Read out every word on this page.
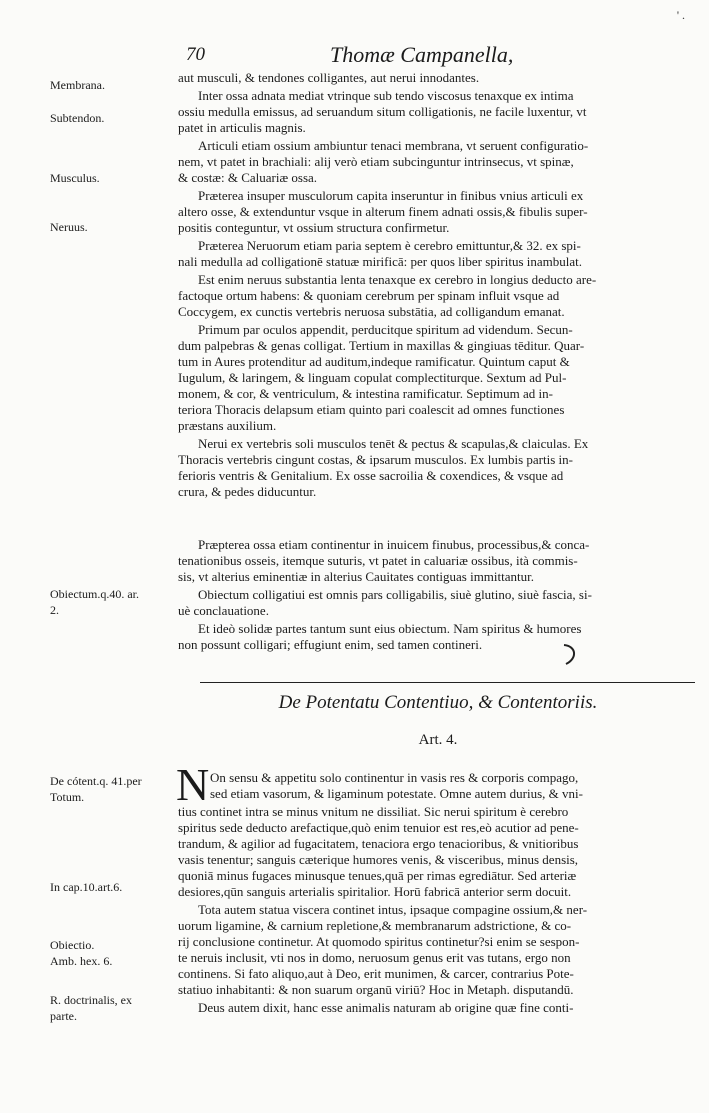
' .
70	Thomæ Campanella,
Membrana.
Subtendon.
Musculus.
Neruus.
Obiectum.q.40. ar.
2.
De cótent.q. 41.per
Totum.
In cap.10.art.6.
Obiectio.
Amb. hex. 6.
R. doctrinalis, ex
parte.
aut musculi, & tendones colligantes, aut nerui innodantes.
Inter ossa adnata mediat vtrinque sub tendo viscosus tenaxque ex intima
ossiu medulla emissus, ad seruandum situm colligationis, ne facile luxentur, vt
patet in articulis magnis.
Articuli etiam ossium ambiuntur tenaci membrana, vt seruent configuratio-
nem, vt patet in brachiali: alij verò etiam subcinguntur intrinsecus, vt spinæ,
& costæ: & Caluariæ ossa.
Præterea insuper musculorum capita inseruntur in finibus vnius articuli ex
altero osse, & extenduntur vsque in alterum finem adnati ossis,& fibulis super-
positis conteguntur, vt ossium structura confirmetur.
Præterea Neruorum etiam paria septem è cerebro emittuntur,& 32. ex spi-
nali medulla ad colligationē statuæ mirificā: per quos liber spiritus inambulat.
Est enim neruus substantia lenta tenaxque ex cerebro in longius deducto are-
factoque ortum habens: & quoniam cerebrum per spinam influit vsque ad
Coccygem, ex cunctis vertebris neruosa substātia, ad colligandum emanat.
Primum par oculos appendit, perducitque spiritum ad videndum. Secun-
dum palpebras & genas colligat. Tertium in maxillas & gingiuas tēditur. Quar-
tum in Aures protenditur ad auditum,indeque ramificatur. Quintum caput &
Iugulum, & laringem, & linguam copulat complectiturque. Sextum ad Pul-
monem, & cor, & ventriculum, & intestina ramificatur. Septimum ad in-
teriora Thoracis delapsum etiam quinto pari coalescit ad omnes functiones
præstans auxilium.
Nerui ex vertebris soli musculos tenēt & pectus & scapulas,& claiculas. Ex
Thoracis vertebris cingunt costas, & ipsarum musculos. Ex lumbis partis in-
ferioris ventris & Genitalium. Ex osse sacroilia & coxendices, & vsque ad
crura, & pedes diducuntur.
Præpterea ossa etiam continentur in inuicem finubus, processibus,& conca-
tenationibus osseis, itemque suturis, vt patet in caluariæ ossibus, ità commis-
sis, vt alterius eminentiæ in alterius Cauitates contiguas immittantur.
Obiectum colligatiui est omnis pars colligabilis, siuè glutino, siuè fascia, si-
uè conclauatione.
Et ideò solidæ partes tantum sunt eius obiectum. Nam spiritus & humores
non possunt colligari; effugiunt enim, sed tamen contineri.
De Potentatu Contentiuo, & Contentoriis.
Art. 4.
N On sensu & appetitu solo continentur in vasis res & corporis compago,
sed etiam vasorum, & ligaminum potestate. Omne autem durius, & vni-
tius continet intra se minus vnitum ne dissiliat. Sic nerui spiritum è cerebro
spiritus sede deducto arefactique,quò enim tenuior est res,eò acutior ad pene-
trandum, & agilior ad fugacitatem, tenaciora ergo tenacioribus, & vnitioribus
vasis tenentur; sanguis cæterique humores venis, & visceribus, minus densis,
quoniā minus fugaces minusque tenues,quā per rimas egrediātur. Sed arteriæ
desiores,qūn sanguis arterialis spiritalior. Horū fabricā anterior serm docuit.
Tota autem statua viscera continet intus, ipsaque compagine ossium,& ner-
uorum ligamine, & carnium repletione,& membranarum adstrictione, & co-
rij conclusione continetur. At quomodo spiritus continetur?si enim se sespon-
te neruis inclusit, vti nos in domo, neruosum genus erit vas tutans, ergo non
continens. Si fato aliquo,aut à Deo, erit munimen, & carcer, contrarius Pote-
statiuo inhabitanti: & non suarum organū viriū? Hoc in Metaph. disputandū.
Deus autem dixit, hanc esse animalis naturam ab origine quæ fine conti-
